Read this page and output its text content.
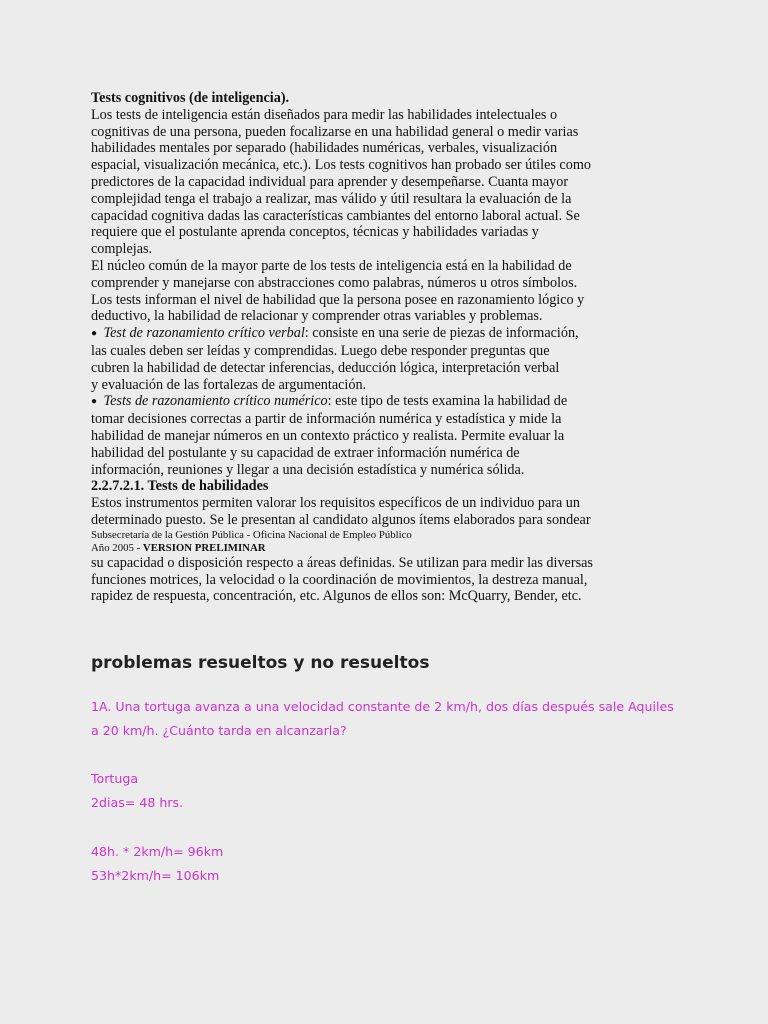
Tests cognitivos (de inteligencia).

Los tests de inteligencia están diseñados para medir las habilidades intelectuales o

cognitivas de una persona, pueden focalizarse en una habilidad general o medir varias

habilidades mentales por separado (habilidades numéricas, verbales, visualización

espacial, visualización mecánica, etc.). Los tests cognitivos han probado ser útiles como

predictores de la capacidad individual para aprender y desempeñarse. Cuanta mayor

complejidad tenga el trabajo a realizar, mas válido y útil resultara la evaluación de la

capacidad cognitiva dadas las características cambiantes del entorno laboral actual. Se

requiere que el postulante aprenda conceptos, técnicas y habilidades variadas y

complejas.

El núcleo común de la mayor parte de los tests de inteligencia está en la habilidad de

comprender y manejarse con abstracciones como palabras, números u otros símbolos.

Los tests informan el nivel de habilidad que la persona posee en razonamiento lógico y

deductivo, la habilidad de relacionar y comprender otras variables y problemas.

● Test de razonamiento crítico verbal: consiste en una serie de piezas de información,

las cuales deben ser leídas y comprendidas. Luego debe responder preguntas que

cubren la habilidad de detectar inferencias, deducción lógica, interpretación verbal

y evaluación de las fortalezas de argumentación.

● Tests de razonamiento crítico numérico: este tipo de tests examina la habilidad de

tomar decisiones correctas a partir de información numérica y estadística y mide la

habilidad de manejar números en un contexto práctico y realista. Permite evaluar la

habilidad del postulante y su capacidad de extraer información numérica de

información, reuniones y llegar a una decisión estadística y numérica sólida.

2.2.7.2.1. Tests de habilidades

Estos instrumentos permiten valorar los requisitos específicos de un individuo para un

determinado puesto. Se le presentan al candidato algunos ítems elaborados para sondear

Subsecretaría de la Gestión Pública - Oficina Nacional de Empleo Público

Año 2005 - VERSION PRELIMINAR

su capacidad o disposición respecto a áreas definidas. Se utilizan para medir las diversas

funciones motrices, la velocidad o la coordinación de movimientos, la destreza manual,

rapidez de respuesta, concentración, etc. Algunos de ellos son: McQuarry, Bender, etc.

problemas resueltos y no resueltos

1A. Una tortuga avanza a una velocidad constante de 2 km/h, dos días después sale Aquiles

a 20 km/h. ¿Cuánto tarda en alcanzarla?

Tortuga

2dias= 48 hrs.

48h. * 2km/h= 96km

53h*2km/h= 106km
